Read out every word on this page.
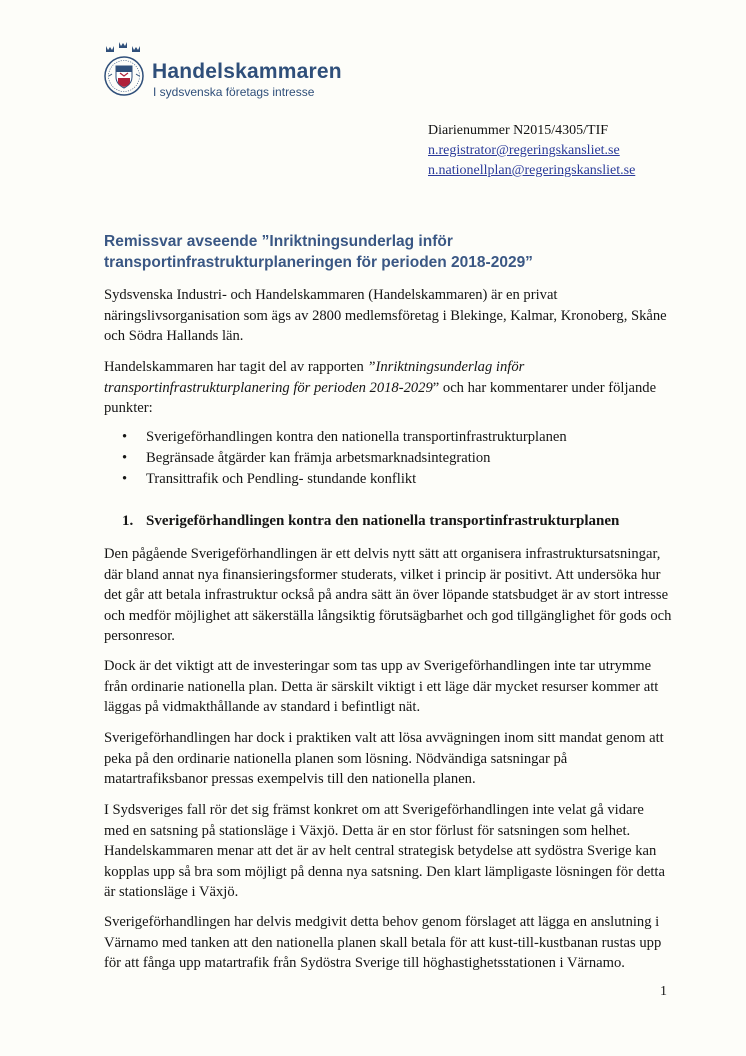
Handelskammaren
I sydsvenska företags intresse
Diarienummer N2015/4305/TIF
n.registrator@regeringskansliet.se
n.nationellplan@regeringskansliet.se
Remissvar avseende ”Inriktningsunderlag inför
transportinfrastrukturplaneringen för perioden 2018-2029”
Sydsvenska Industri- och Handelskammaren (Handelskammaren) är en privat näringslivsorganisation som ägs av 2800 medlemsföretag i Blekinge, Kalmar, Kronoberg, Skåne och Södra Hallands län.
Handelskammaren har tagit del av rapporten ”Inriktningsunderlag inför transportinfrastrukturplanering för perioden 2018-2029” och har kommentarer under följande punkter:
• Sverigeförhandlingen kontra den nationella transportinfrastrukturplanen
• Begränsade åtgärder kan främja arbetsmarknadsintegration
• Transittrafik och Pendling- stundande konflikt
1. Sverigeförhandlingen kontra den nationella transportinfrastrukturplanen
Den pågående Sverigeförhandlingen är ett delvis nytt sätt att organisera infrastruktursatsningar, där bland annat nya finansieringsformer studerats, vilket i princip är positivt. Att undersöka hur det går att betala infrastruktur också på andra sätt än över löpande statsbudget är av stort intresse och medför möjlighet att säkerställa långsiktig förutsägbarhet och god tillgänglighet för gods och personresor.
Dock är det viktigt att de investeringar som tas upp av Sverigeförhandlingen inte tar utrymme från ordinarie nationella plan. Detta är särskilt viktigt i ett läge där mycket resurser kommer att läggas på vidmakthållande av standard i befintligt nät.
Sverigeförhandlingen har dock i praktiken valt att lösa avvägningen inom sitt mandat genom att peka på den ordinarie nationella planen som lösning. Nödvändiga satsningar på matartrafiksbanor pressas exempelvis till den nationella planen.
I Sydsveriges fall rör det sig främst konkret om att Sverigeförhandlingen inte velat gå vidare med en satsning på stationsläge i Växjö. Detta är en stor förlust för satsningen som helhet. Handelskammaren menar att det är av helt central strategisk betydelse att sydöstra Sverige kan kopplas upp så bra som möjligt på denna nya satsning. Den klart lämpligaste lösningen för detta är stationsläge i Växjö.
Sverigeförhandlingen har delvis medgivit detta behov genom förslaget att lägga en anslutning i Värnamo med tanken att den nationella planen skall betala för att kust-till-kustbanan rustas upp för att fånga upp matartrafik från Sydöstra Sverige till höghastighetsstationen i Värnamo.
1
